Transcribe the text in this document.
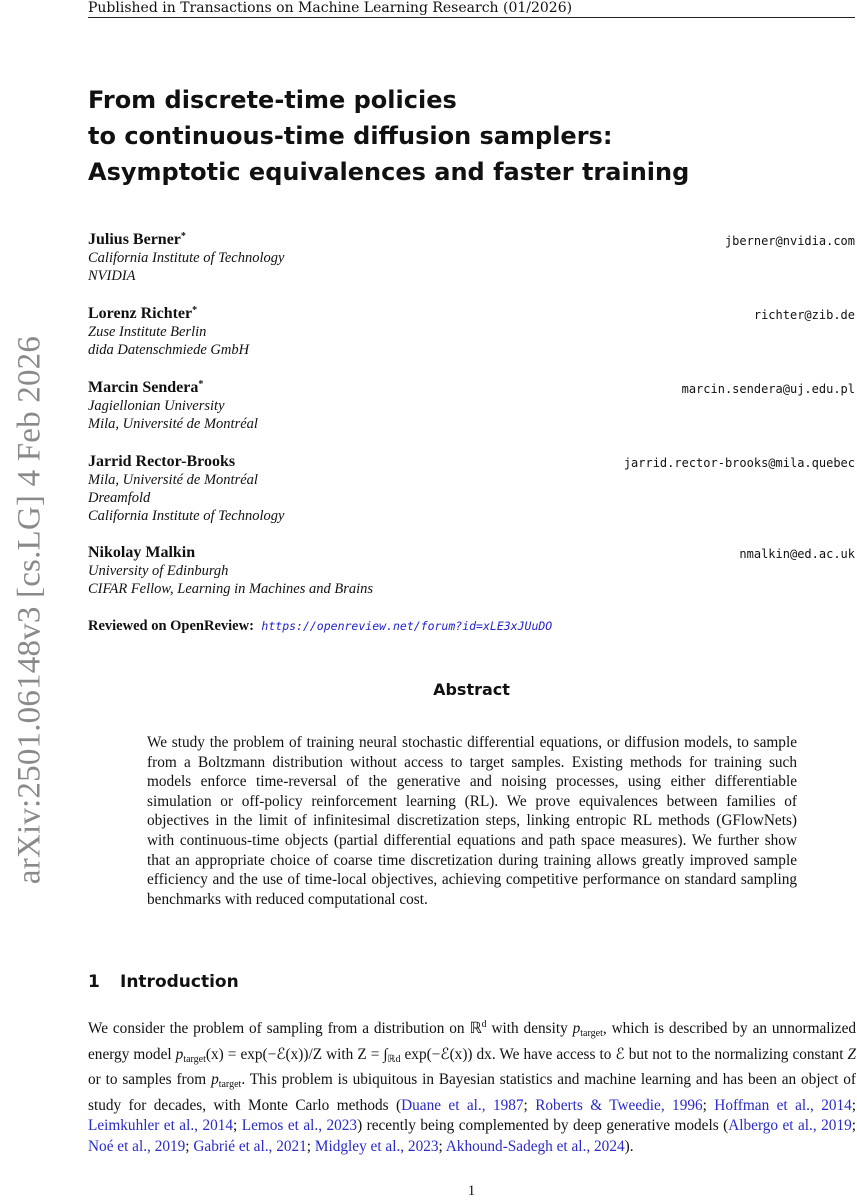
Published in Transactions on Machine Learning Research (01/2026)
arXiv:2501.06148v3 [cs.LG] 4 Feb 2026
From discrete-time policies
to continuous-time diffusion samplers:
Asymptotic equivalences and faster training
Julius Berner*
California Institute of Technology
NVIDIA
jberner@nvidia.com
Lorenz Richter*
Zuse Institute Berlin
dida Datenschmiede GmbH
richter@zib.de
Marcin Sendera*
Jagiellonian University
Mila, Université de Montréal
marcin.sendera@uj.edu.pl
Jarrid Rector-Brooks
Mila, Université de Montréal
Dreamfold
California Institute of Technology
jarrid.rector-brooks@mila.quebec
Nikolay Malkin
University of Edinburgh
CIFAR Fellow, Learning in Machines and Brains
nmalkin@ed.ac.uk
Reviewed on OpenReview: https://openreview.net/forum?id=xLE3xJUuDO
Abstract

We study the problem of training neural stochastic differential equations, or diffusion models, to sample from a Boltzmann distribution without access to target samples. Existing methods for training such models enforce time-reversal of the generative and noising processes, using either differentiable simulation or off-policy reinforcement learning (RL). We prove equivalences between families of objectives in the limit of infinitesimal discretization steps, linking entropic RL methods (GFlowNets) with continuous-time objects (partial differential equations and path space measures). We further show that an appropriate choice of coarse time discretization during training allows greatly improved sample efficiency and the use of time-local objectives, achieving competitive performance on standard sampling benchmarks with reduced computational cost.

1 Introduction

We consider the problem of sampling from a distribution on ℝ$^d$ with density $p_{target}$, which is described by an unnormalized energy model $p_{target}(x)$ = exp(−ℰ(x))/Z with $Z = \int_{ℝd}$ exp(−ℰ(x)) dx. We have access to ℰ but not to the normalizing constant Z or to samples from $p_{target}$. This problem is ubiquitous in Bayesian statistics and machine learning and has been an object of study for decades, with Monte Carlo methods (Duane et al., 1987; Roberts & Tweedie, 1996; Hoffman et al., 2014; Leimkuhler et al., 2014; Lemos et al., 2023) recently being complemented by deep generative models (Albergo et al., 2019; Noé et al., 2019; Gabrié et al., 2021; Midgley et al., 2023; Akhound-Sadegh et al., 2024).

1
